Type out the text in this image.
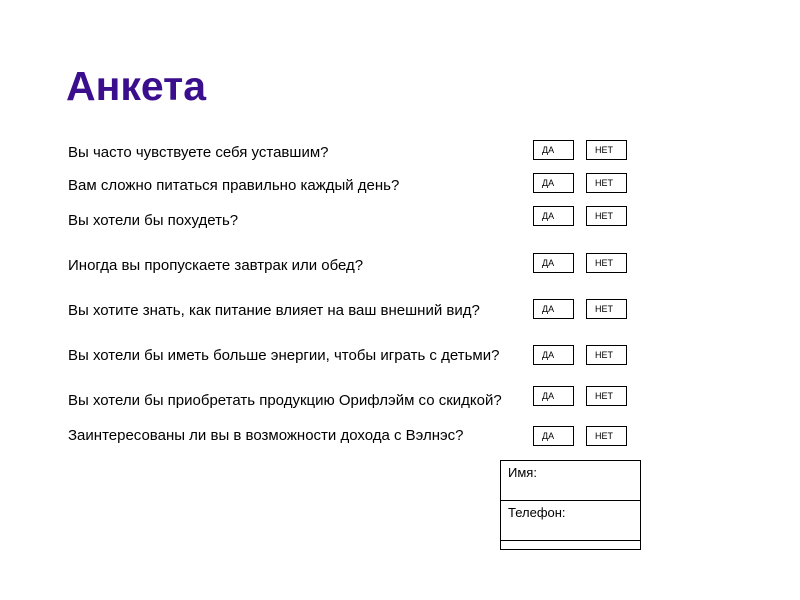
Анкета
Вы часто чувствуете себя уставшим?	ДА	НЕТ
Вам сложно питаться правильно каждый день?	ДА	НЕТ
Вы хотели бы похудеть?	ДА	НЕТ
Иногда вы пропускаете завтрак или обед?	ДА	НЕТ
Вы хотите знать, как питание влияет на ваш внешний вид?	ДА	НЕТ
Вы хотели бы иметь больше энергии, чтобы играть с детьми?	ДА	НЕТ
Вы хотели бы приобретать продукцию Орифлэйм со скидкой?	ДА	НЕТ
Заинтересованы ли вы в возможности дохода с Вэлнэс?	ДА	НЕТ
Имя:
Телефон:
